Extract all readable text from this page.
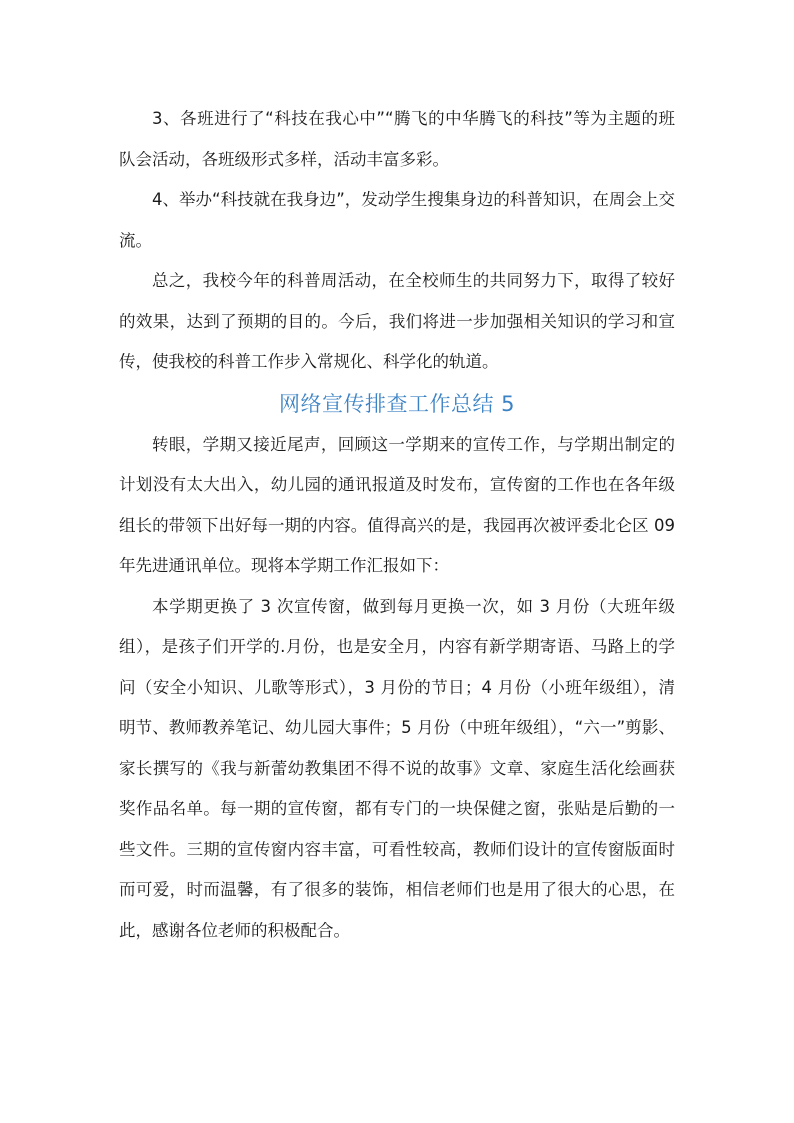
3、各班进行了“科技在我心中”“腾飞的中华腾飞的科技”等为主题的班队会活动，各班级形式多样，活动丰富多彩。

4、举办“科技就在我身边”，发动学生搜集身边的科普知识，在周会上交流。

总之，我校今年的科普周活动，在全校师生的共同努力下，取得了较好的效果，达到了预期的目的。今后，我们将进一步加强相关知识的学习和宣传，使我校的科普工作步入常规化、科学化的轨道。

网络宣传排查工作总结 5

转眼，学期又接近尾声，回顾这一学期来的宣传工作，与学期出制定的计划没有太大出入，幼儿园的通讯报道及时发布，宣传窗的工作也在各年级组长的带领下出好每一期的内容。值得高兴的是，我园再次被评委北仑区 09 年先进通讯单位。现将本学期工作汇报如下：

本学期更换了 3 次宣传窗，做到每月更换一次，如 3 月份（大班年级组），是孩子们开学的.月份，也是安全月，内容有新学期寄语、马路上的学问（安全小知识、儿歌等形式），3 月份的节日；4 月份（小班年级组），清明节、教师教养笔记、幼儿园大事件；5 月份（中班年级组），“六一”剪影、家长撰写的《我与新蕾幼教集团不得不说的故事》文章、家庭生活化绘画获奖作品名单。每一期的宣传窗，都有专门的一块保健之窗，张贴是后勤的一些文件。三期的宣传窗内容丰富，可看性较高，教师们设计的宣传窗版面时而可爱，时而温馨，有了很多的装饰，相信老师们也是用了很大的心思，在此，感谢各位老师的积极配合。
